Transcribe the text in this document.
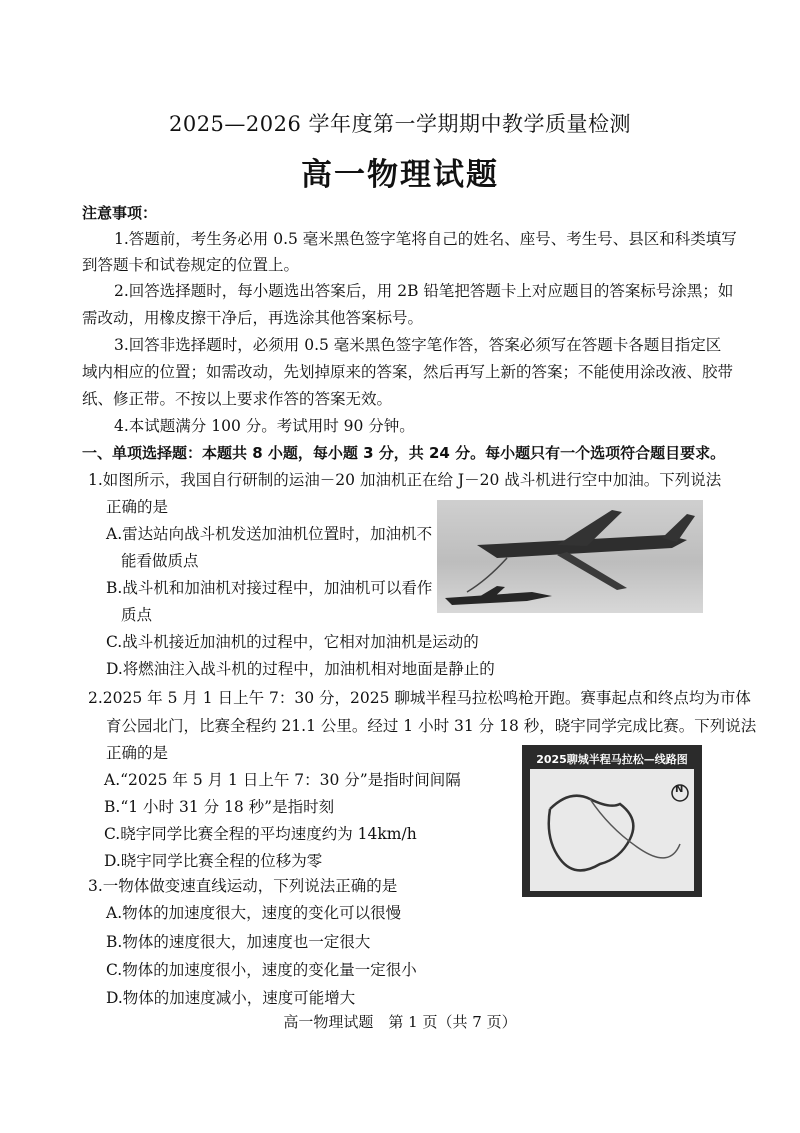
2025—2026 学年度第一学期期中教学质量检测
高一物理试题
注意事项：
1.答题前，考生务必用 0.5 毫米黑色签字笔将自己的姓名、座号、考生号、县区和科类填写
到答题卡和试卷规定的位置上。
2.回答选择题时，每小题选出答案后，用 2B 铅笔把答题卡上对应题目的答案标号涂黑；如
需改动，用橡皮擦干净后，再选涂其他答案标号。
3.回答非选择题时，必须用 0.5 毫米黑色签字笔作答，答案必须写在答题卡各题目指定区
域内相应的位置；如需改动，先划掉原来的答案，然后再写上新的答案；不能使用涂改液、胶带
纸、修正带。不按以上要求作答的答案无效。
4.本试题满分 100 分。考试用时 90 分钟。
一、单项选择题：本题共 8 小题，每小题 3 分，共 24 分。每小题只有一个选项符合题目要求。
1.如图所示，我国自行研制的运油－20 加油机正在给 J－20 战斗机进行空中加油。下列说法
正确的是
A.雷达站向战斗机发送加油机位置时，加油机不
能看做质点
B.战斗机和加油机对接过程中，加油机可以看作
质点
C.战斗机接近加油机的过程中，它相对加油机是运动的
D.将燃油注入战斗机的过程中，加油机相对地面是静止的
2.2025 年 5 月 1 日上午 7：30 分，2025 聊城半程马拉松鸣枪开跑。赛事起点和终点均为市体
育公园北门，比赛全程约 21.1 公里。经过 1 小时 31 分 18 秒，晓宇同学完成比赛。下列说法
正确的是
A.“2025 年 5 月 1 日上午 7：30 分”是指时间间隔
B.“1 小时 31 分 18 秒”是指时刻
C.晓宇同学比赛全程的平均速度约为 14km/h
D.晓宇同学比赛全程的位移为零
2025聊城半程马拉松—线路图
N
3.一物体做变速直线运动，下列说法正确的是
A.物体的加速度很大，速度的变化可以很慢
B.物体的速度很大，加速度也一定很大
C.物体的加速度很小，速度的变化量一定很小
D.物体的加速度减小，速度可能增大
高一物理试题　第 1 页（共 7 页）
